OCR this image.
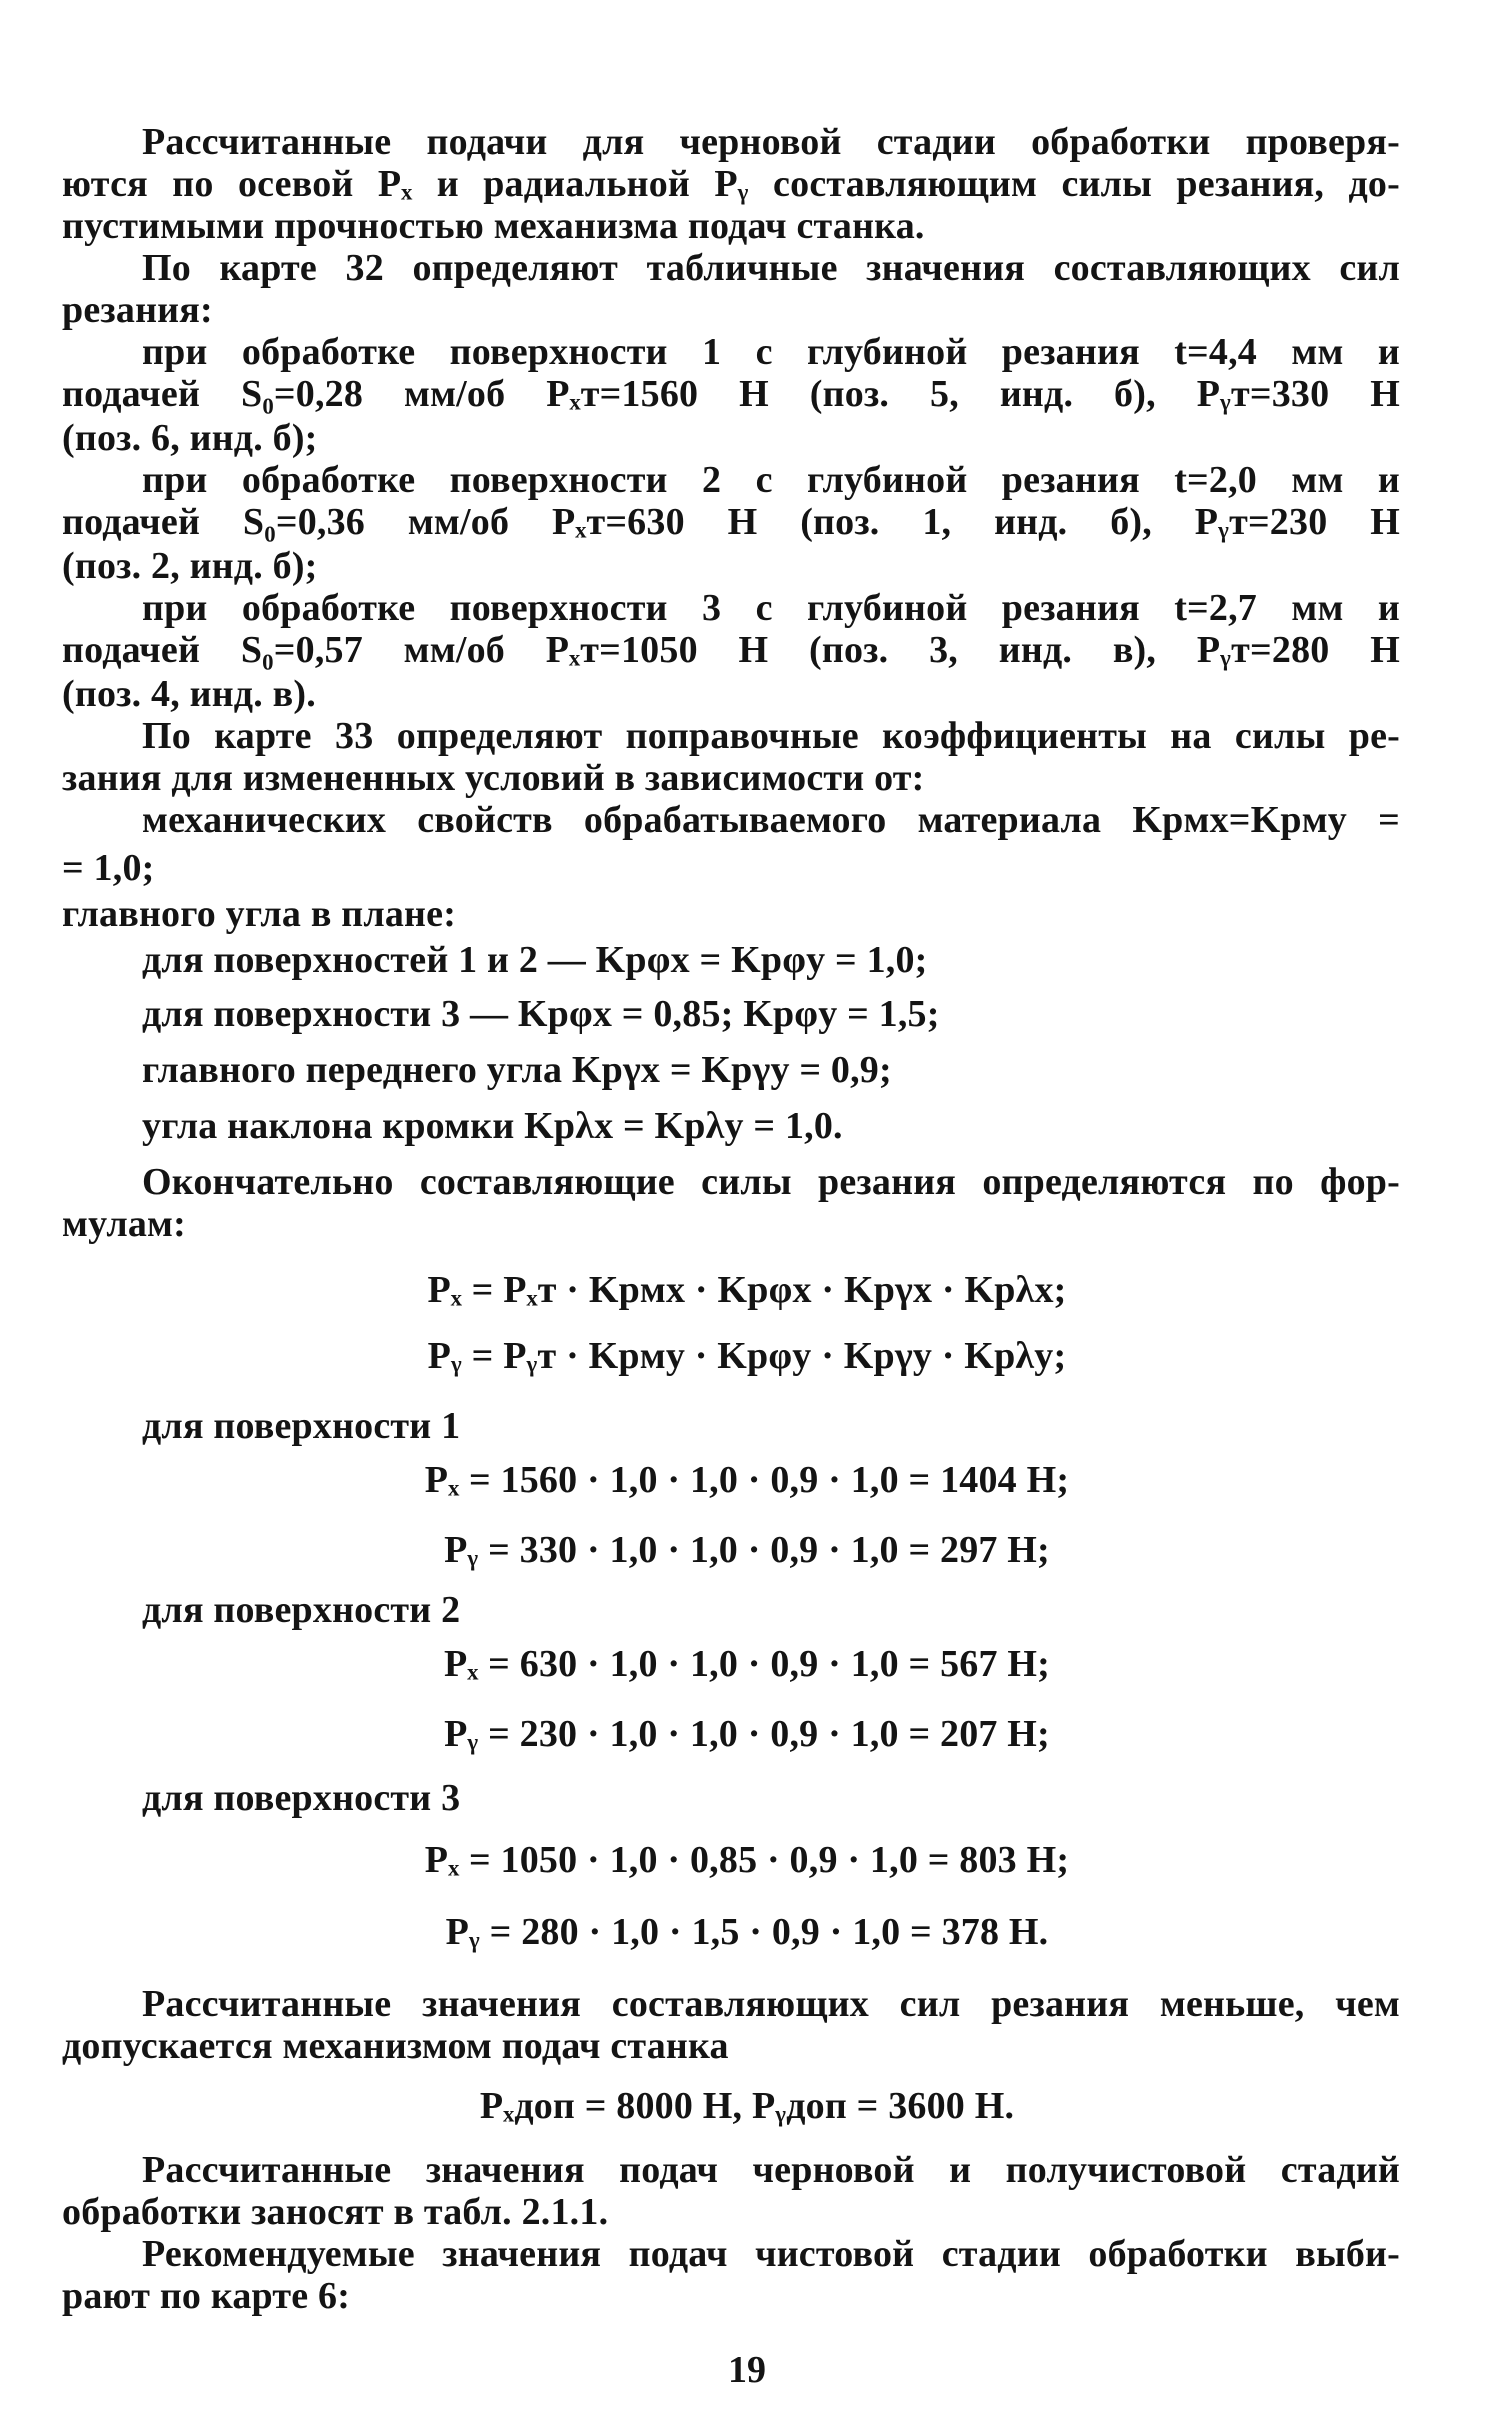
Рассчитанные подачи для черновой стадии обработки проверя-
ются по осевой Pₓ и радиальной Pᵧ составляющим силы резания, до-
пустимыми прочностью механизма подач станка.
По карте 32 определяют табличные значения составляющих сил
резания:
при обработке поверхности 1 с глубиной резания t=4,4 мм и
подачей S₀=0,28 мм/об Pₓт=1560 Н (поз. 5, инд. б), Pᵧт=330 Н
(поз. 6, инд. б);
при обработке поверхности 2 с глубиной резания t=2,0 мм и
подачей S₀=0,36 мм/об Pₓт=630 Н (поз. 1, инд. б), Pᵧт=230 Н
(поз. 2, инд. б);
при обработке поверхности 3 с глубиной резания t=2,7 мм и
подачей S₀=0,57 мм/об Pₓт=1050 Н (поз. 3, инд. в), Pᵧт=280 Н
(поз. 4, инд. в).
По карте 33 определяют поправочные коэффициенты на силы ре-
зания для измененных условий в зависимости от:
механических свойств обрабатываемого материала Kpмx=Kpмy =
= 1,0;
главного угла в плане:
для поверхностей 1 и 2 — Kpφx = Kpφy = 1,0;
для поверхности 3 — Kpφx = 0,85; Kpφy = 1,5;
главного переднего угла Kpγx = Kpγy = 0,9;
угла наклона кромки Kpλx = Kpλy = 1,0.
Окончательно составляющие силы резания определяются по фор-
мулам:
Pₓ = Pₓт · Kpмx · Kpφx · Kpγx · Kpλx;
Pᵧ = Pᵧт · Kpмy · Kpφy · Kpγy · Kpλy;
для поверхности 1
Pₓ = 1560 · 1,0 · 1,0 · 0,9 · 1,0 = 1404 Н;
Pᵧ = 330 · 1,0 · 1,0 · 0,9 · 1,0 = 297 Н;
для поверхности 2
Pₓ = 630 · 1,0 · 1,0 · 0,9 · 1,0 = 567 Н;
Pᵧ = 230 · 1,0 · 1,0 · 0,9 · 1,0 = 207 Н;
для поверхности 3
Pₓ = 1050 · 1,0 · 0,85 · 0,9 · 1,0 = 803 Н;
Pᵧ = 280 · 1,0 · 1,5 · 0,9 · 1,0 = 378 Н.
Рассчитанные значения составляющих сил резания меньше, чем
допускается механизмом подач станка
Pₓдоп = 8000 Н, Pᵧдоп = 3600 Н.
Рассчитанные значения подач черновой и получистовой стадий
обработки заносят в табл. 2.1.1.
Рекомендуемые значения подач чистовой стадии обработки выби-
рают по карте 6:
19
